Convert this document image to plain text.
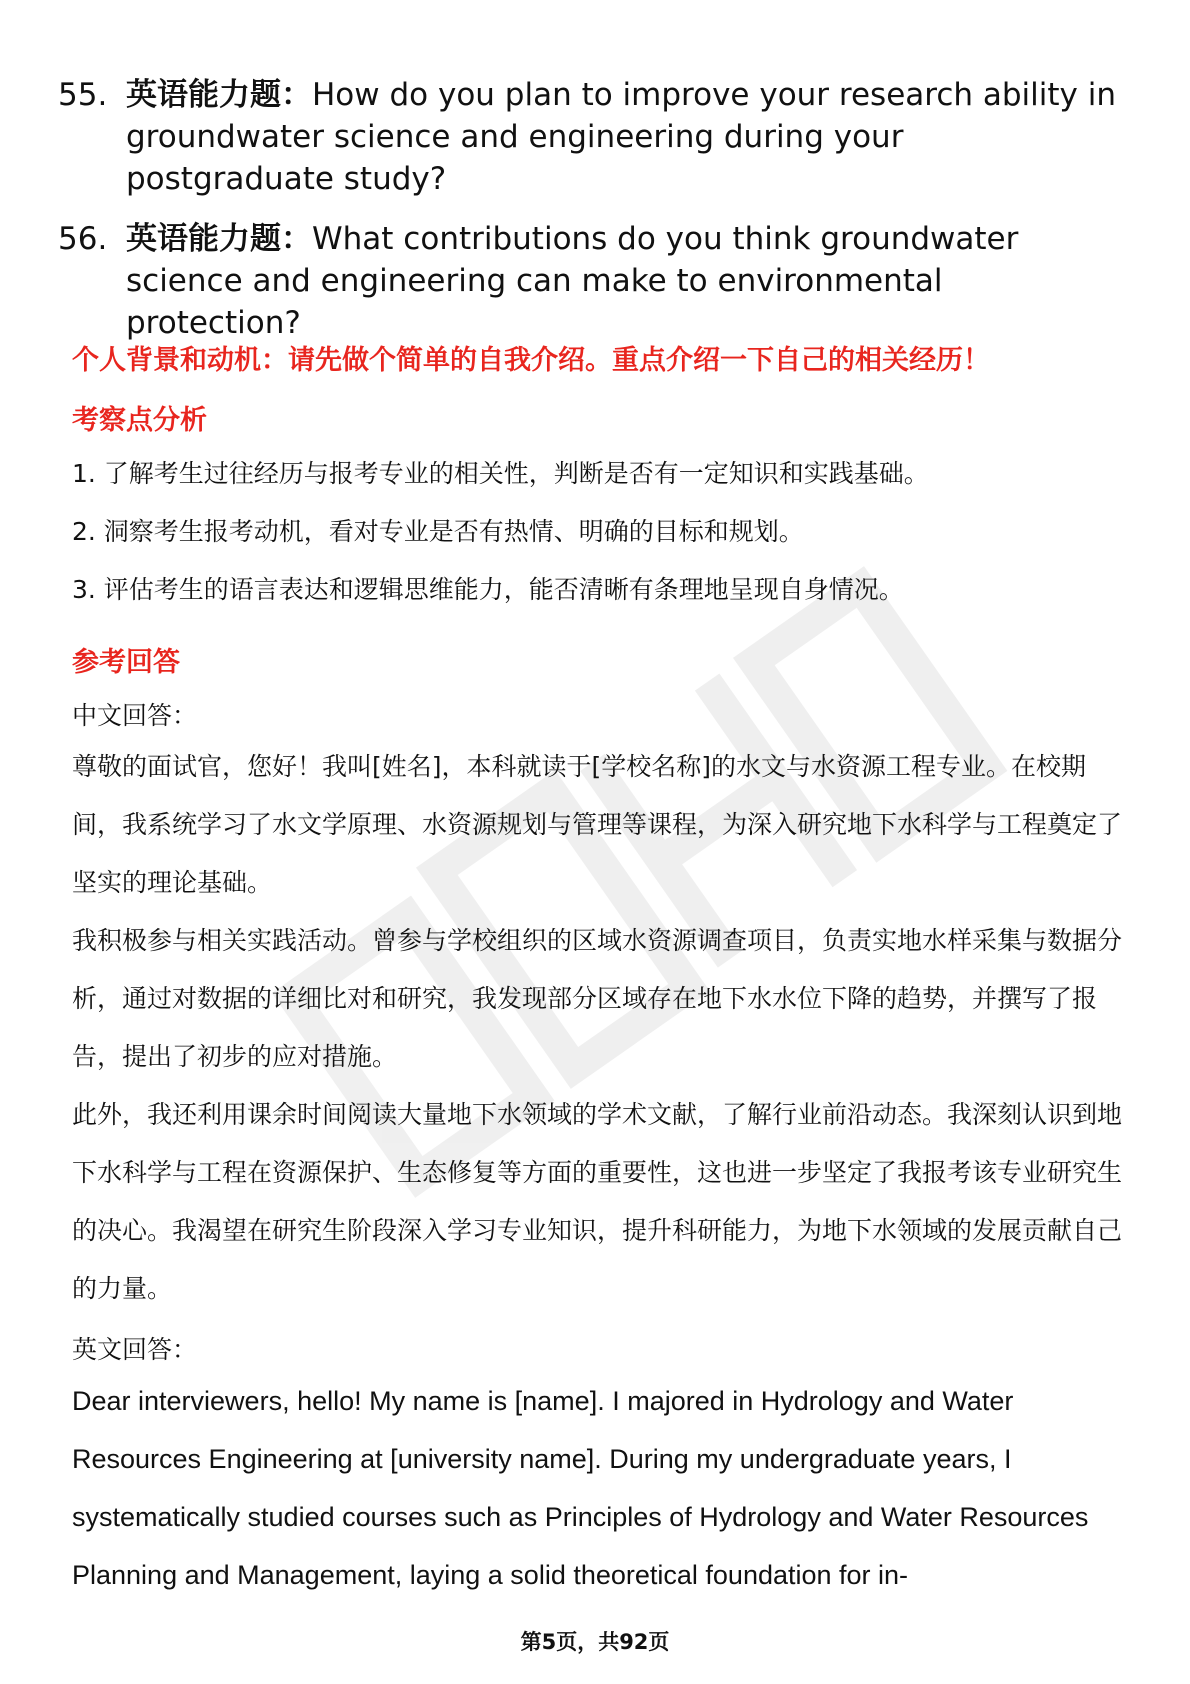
55. 英语能力题：How do you plan to improve your research ability in groundwater science and engineering during your postgraduate study?
56. 英语能力题：What contributions do you think groundwater science and engineering can make to environmental protection?
个人背景和动机：请先做个简单的自我介绍。重点介绍一下自己的相关经历！
考察点分析
1. 了解考生过往经历与报考专业的相关性，判断是否有一定知识和实践基础。
2. 洞察考生报考动机，看对专业是否有热情、明确的目标和规划。
3. 评估考生的语言表达和逻辑思维能力，能否清晰有条理地呈现自身情况。
参考回答
中文回答：

尊敬的面试官，您好！我叫[姓名]，本科就读于[学校名称]的水文与水资源工程专业。在校期间，我系统学习了水文学原理、水资源规划与管理等课程，为深入研究地下水科学与工程奠定了坚实的理论基础。

我积极参与相关实践活动。曾参与学校组织的区域水资源调查项目，负责实地水样采集与数据分析，通过对数据的详细比对和研究，我发现部分区域存在地下水水位下降的趋势，并撰写了报告，提出了初步的应对措施。

此外，我还利用课余时间阅读大量地下水领域的学术文献，了解行业前沿动态。我深刻认识到地下水科学与工程在资源保护、生态修复等方面的重要性，这也进一步坚定了我报考该专业研究生的决心。我渴望在研究生阶段深入学习专业知识，提升科研能力，为地下水领域的发展贡献自己的力量。

英文回答：

Dear interviewers, hello! My name is [name]. I majored in Hydrology and Water Resources Engineering at [university name]. During my undergraduate years, I systematically studied courses such as Principles of Hydrology and Water Resources Planning and Management, laying a solid theoretical foundation for in-

第5页，共92页
